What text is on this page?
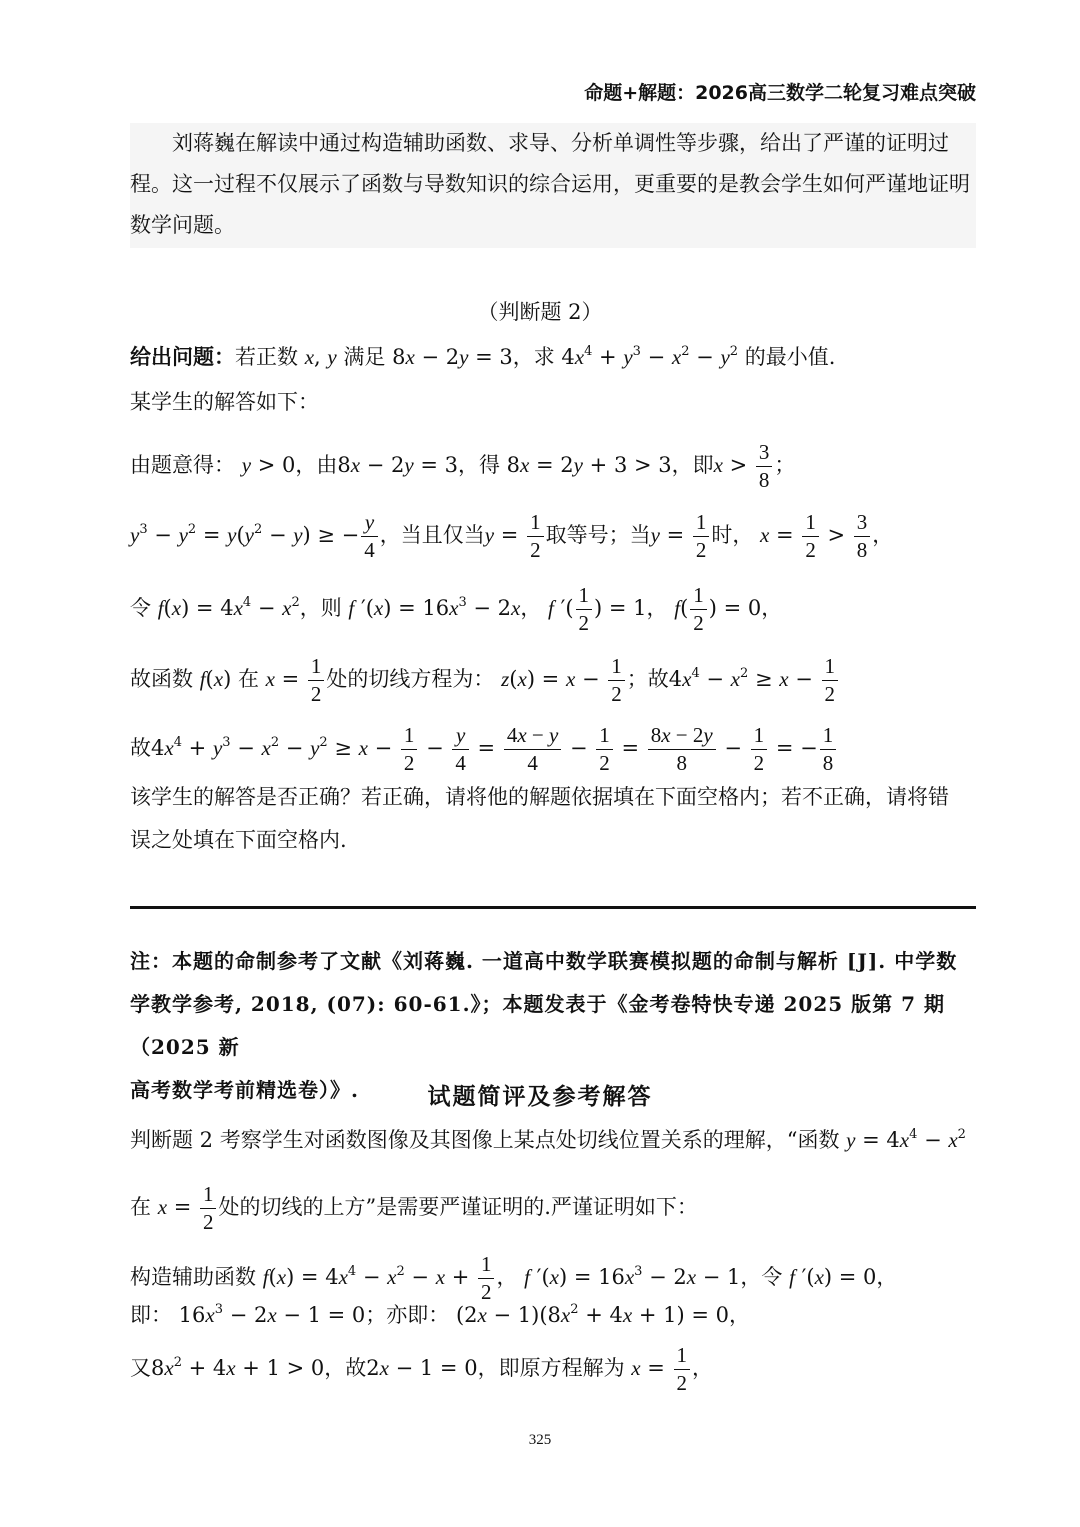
命题+解题：2026高三数学二轮复习难点突破

刘蒋巍在解读中通过构造辅助函数、求导、分析单调性等步骤，给出了严谨的证明过程。这一过程不仅展示了函数与导数知识的综合运用，更重要的是教会学生如何严谨地证明数学问题。

（判断题 2）
给出问题：若正数 x, y 满足 8x − 2y = 3，求 $4x^4 + y^3 - x^2 - y^2$ 的最小值.
某学生的解答如下：
由题意得： y > 0，由8x − 2y = 3，得 8x = 2y + 3 > 3，即$x > \frac{3}{8}$ ；
$y^3 - y^2 = y(y^2 - y)$ ≥ − $\frac{y}{4}$ ，当且仅当$y = \frac{1}{2}$ 取等号；当$y = \frac{1}{2}$ 时， $x = \frac{1}{2} > \frac{3}{8}$ ，
令 $f(x) = 4x^4 - x^2$，则 f $'(x) = 16x^3 - 2x$， f ′( $\frac{1}{2}$ ) = 1， $f( \frac{1}{2}$ ) = 0，
故函数 f(x) 在 $x = \frac{1}{2}$ 处的切线方程为： $z(x) = x - \frac{1}{2}$ ；故$4x^4 - x^2 \ge x - \frac{1}{2}$
故$4x^4 + y^3 - x^2 - y^2 \ge x - \frac{1}{2} - \frac{y}{4} = \frac{4x - y}{4} - \frac{1}{2} = \frac{8x - 2y}{8} - \frac{1}{2}$ = − $\frac{1}{8}$
该学生的解答是否正确？若正确，请将他的解题依据填在下面空格内；若不正确，请将错
误之处填在下面空格内.

注：本题的命制参考了文献《刘蒋巍. 一道高中数学联赛模拟题的命制与解析 [J]. 中学数

学教学参考, 2018, (07): 60-61.》；本题发表于《金考卷特快专递 2025 版第 7 期（2025 新

高考数学考前精选卷）》.	试题简评及参考解答
判断题 2 考察学生对函数图像及其图像上某点处切线位置关系的理解，“函数 $y = 4x^4 - x^2$
在 $x = \frac{1}{2}$ 处的切线的上方”是需要严谨证明的.严谨证明如下：
构造辅助函数 $f(x) = 4x^4 - x^2 - x + \frac{1}{2}$ ， f $'(x) = 16x^3 - 2x - 1$，令 f ′(x) = 0，
即： $16x^3 - 2x - 1 = 0$；亦即： $(2x - 1)(8x^2 + 4x + 1) = 0$，
又$8x^2 + 4x + 1 > 0$，故2x − 1 = 0，即原方程解为 $x = \frac{1}{2}$ ，
325
